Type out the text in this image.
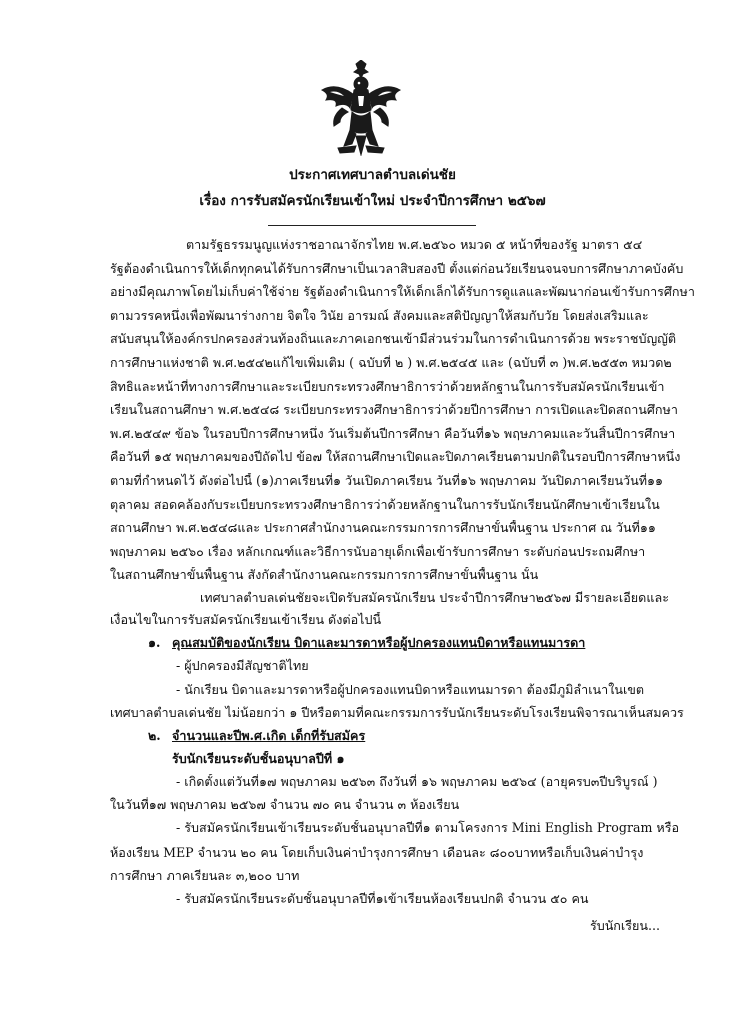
ประกาศเทศบาลตำบลเด่นชัย
เรื่อง การรับสมัครนักเรียนเข้าใหม่ ประจำปีการศึกษา ๒๕๖๗
ตามรัฐธรรมนูญแห่งราชอาณาจักรไทย พ.ศ.๒๕๖๐ หมวด ๕ หน้าที่ของรัฐ มาตรา ๕๔
รัฐต้องดำเนินการให้เด็กทุกคนได้รับการศึกษาเป็นเวลาสิบสองปี ตั้งแต่ก่อนวัยเรียนจนจบการศึกษาภาคบังคับ
อย่างมีคุณภาพโดยไม่เก็บค่าใช้จ่าย รัฐต้องดำเนินการให้เด็กเล็กได้รับการดูแลและพัฒนาก่อนเข้ารับการศึกษา
ตามวรรคหนึ่งเพื่อพัฒนาร่างกาย จิตใจ วินัย อารมณ์ สังคมและสติปัญญาให้สมกับวัย โดยส่งเสริมและ
สนับสนุนให้องค์กรปกครองส่วนท้องถิ่นและภาคเอกชนเข้ามีส่วนร่วมในการดำเนินการด้วย พระราชบัญญัติ
การศึกษาแห่งชาติ พ.ศ.๒๕๔๒แก้ไขเพิ่มเติม ( ฉบับที่ ๒ ) พ.ศ.๒๕๔๕ และ (ฉบับที่ ๓ )พ.ศ.๒๕๕๓ หมวด๒
สิทธิและหน้าที่ทางการศึกษาและระเบียบกระทรวงศึกษาธิการว่าด้วยหลักฐานในการรับสมัครนักเรียนเข้า
เรียนในสถานศึกษา พ.ศ.๒๕๔๘ ระเบียบกระทรวงศึกษาธิการว่าด้วยปีการศึกษา การเปิดและปิดสถานศึกษา
พ.ศ.๒๕๔๙ ข้อ๖ ในรอบปีการศึกษาหนึ่ง วันเริ่มต้นปีการศึกษา คือวันที่๑๖ พฤษภาคมและวันสิ้นปีการศึกษา
คือวันที่ ๑๕ พฤษภาคมของปีถัดไป ข้อ๗ ให้สถานศึกษาเปิดและปิดภาคเรียนตามปกติในรอบปีการศึกษาหนึ่ง
ตามที่กำหนดไว้ ดังต่อไปนี้ (๑)ภาคเรียนที่๑ วันเปิดภาคเรียน วันที่๑๖ พฤษภาคม วันปิดภาคเรียนวันที่๑๑
ตุลาคม สอดคล้องกับระเบียบกระทรวงศึกษาธิการว่าด้วยหลักฐานในการรับนักเรียนนักศึกษาเข้าเรียนใน
สถานศึกษา พ.ศ.๒๕๔๘และ ประกาศสำนักงานคณะกรรมการการศึกษาขั้นพื้นฐาน ประกาศ ณ วันที่๑๑
พฤษภาคม ๒๕๖๐ เรื่อง หลักเกณฑ์และวิธีการนับอายุเด็กเพื่อเข้ารับการศึกษา ระดับก่อนประถมศึกษา
ในสถานศึกษาขั้นพื้นฐาน สังกัดสำนักงานคณะกรรมการการศึกษาขั้นพื้นฐาน นั้น
เทศบาลตำบลเด่นชัยจะเปิดรับสมัครนักเรียน ประจำปีการศึกษา๒๕๖๗ มีรายละเอียดและ
เงื่อนไขในการรับสมัครนักเรียนเข้าเรียน ดังต่อไปนี้
๑. คุณสมบัติของนักเรียน บิดาและมารดาหรือผู้ปกครองแทนบิดาหรือแทนมารดา
- ผู้ปกครองมีสัญชาติไทย
- นักเรียน บิดาและมารดาหรือผู้ปกครองแทนบิดาหรือแทนมารดา ต้องมีภูมิลำเนาในเขต
เทศบาลตำบลเด่นชัย ไม่น้อยกว่า ๑ ปีหรือตามที่คณะกรรมการรับนักเรียนระดับโรงเรียนพิจารณาเห็นสมควร
๒. จำนวนและปีพ.ศ.เกิด เด็กที่รับสมัคร
รับนักเรียนระดับชั้นอนุบาลปีที่ ๑
- เกิดตั้งแต่วันที่๑๗ พฤษภาคม ๒๕๖๓ ถึงวันที่ ๑๖ พฤษภาคม ๒๕๖๔ (อายุครบ๓ปีบริบูรณ์ )
ในวันที่๑๗ พฤษภาคม ๒๕๖๗ จำนวน ๗๐ คน จำนวน ๓ ห้องเรียน
- รับสมัครนักเรียนเข้าเรียนระดับชั้นอนุบาลปีที่๑ ตามโครงการ Mini English Program หรือ
ห้องเรียน MEP จำนวน ๒๐ คน โดยเก็บเงินค่าบำรุงการศึกษา เดือนละ ๘๐๐บาทหรือเก็บเงินค่าบำรุง
การศึกษา ภาคเรียนละ ๓,๒๐๐ บาท
- รับสมัครนักเรียนระดับชั้นอนุบาลปีที่๑เข้าเรียนห้องเรียนปกติ จำนวน ๕๐ คน
รับนักเรียน...
